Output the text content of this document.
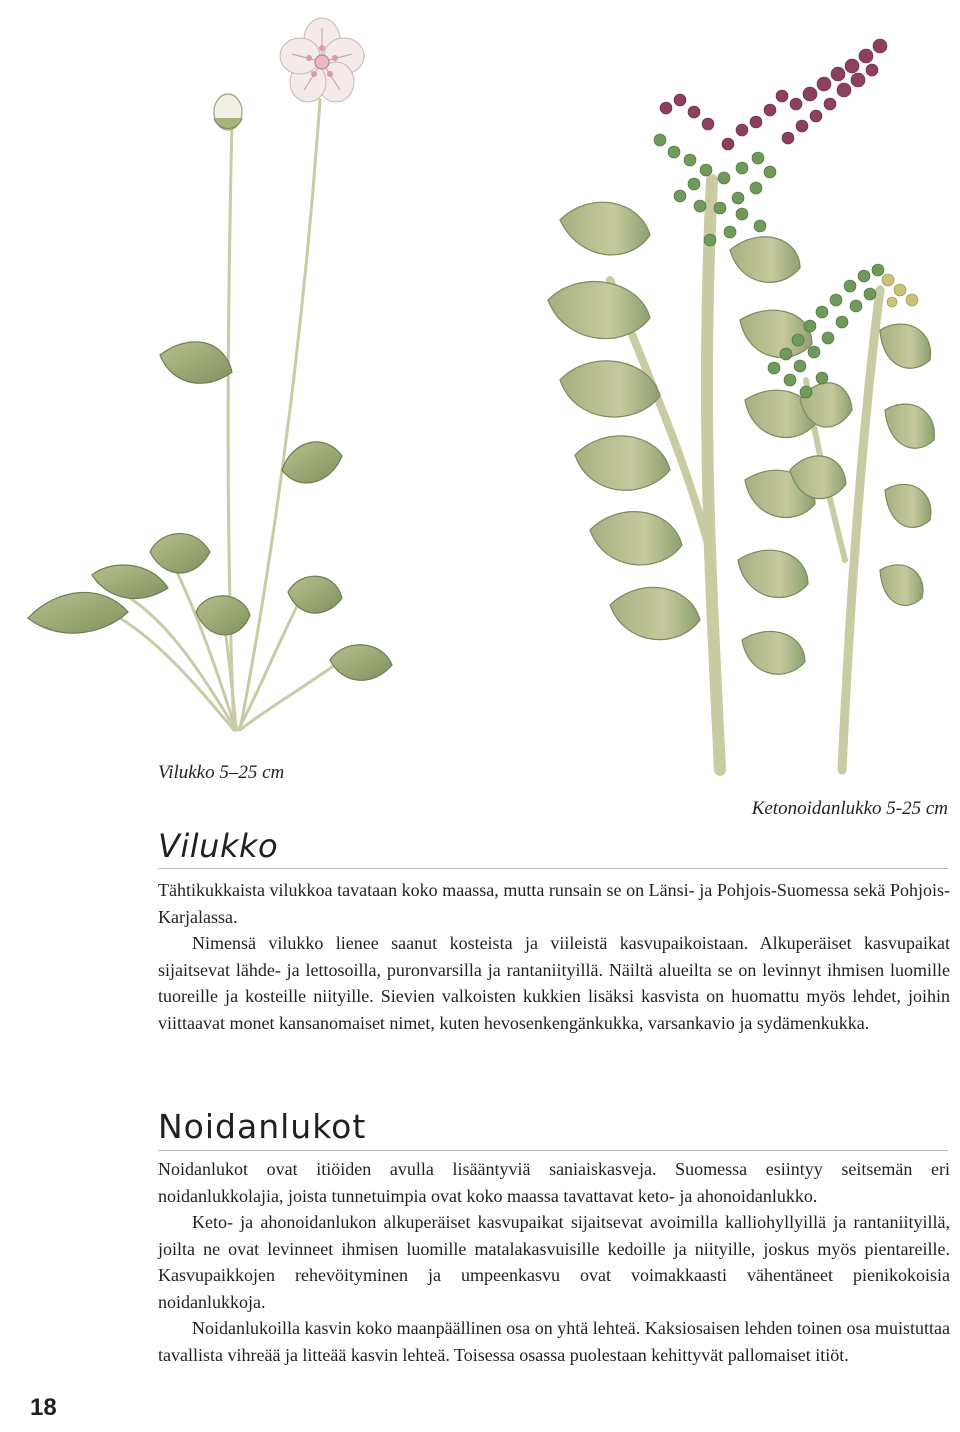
Vilukko 5–25 cm

Ketonoidanlukko 5-25 cm

Vilukko

Tähtikukkaista vilukkoa tavataan koko maassa, mutta runsain se on Länsi- ja Pohjois-Suomessa sekä Pohjois-Karjalassa.

Nimensä vilukko lienee saanut kosteista ja viileistä kasvupaikoistaan. Alkuperäiset kasvupaikat sijaitsevat lähde- ja lettosoilla, puronvarsilla ja rantaniityillä. Näiltä alueilta se on levinnyt ihmisen luomille tuoreille ja kosteille niityille. Sievien valkoisten kukkien lisäksi kasvista on huomattu myös lehdet, joihin viittaavat monet kansanomaiset nimet, kuten hevosenkengänkukka, varsankavio ja sydämenkukka.

Noidanlukot

Noidanlukot ovat itiöiden avulla lisääntyviä saniaiskasveja. Suomessa esiintyy seitsemän eri noidanlukkolajia, joista tunnetuimpia ovat koko maassa tavattavat keto- ja ahonoidanlukko.

Keto- ja ahonoidanlukon alkuperäiset kasvupaikat sijaitsevat avoimilla kalliohyllyillä ja rantaniityillä, joilta ne ovat levinneet ihmisen luomille matalakasvuisille kedoille ja niityille, joskus myös pientareille. Kasvupaikkojen rehevöityminen ja umpeenkasvu ovat voimakkaasti vähentäneet pienikokoisia noidanlukkoja.

Noidanlukoilla kasvin koko maanpäällinen osa on yhtä lehteä. Kaksiosaisen lehden toinen osa muistuttaa tavallista vihreää ja litteää kasvin lehteä. Toisessa osassa puolestaan kehittyvät pallomaiset itiöt.

18
